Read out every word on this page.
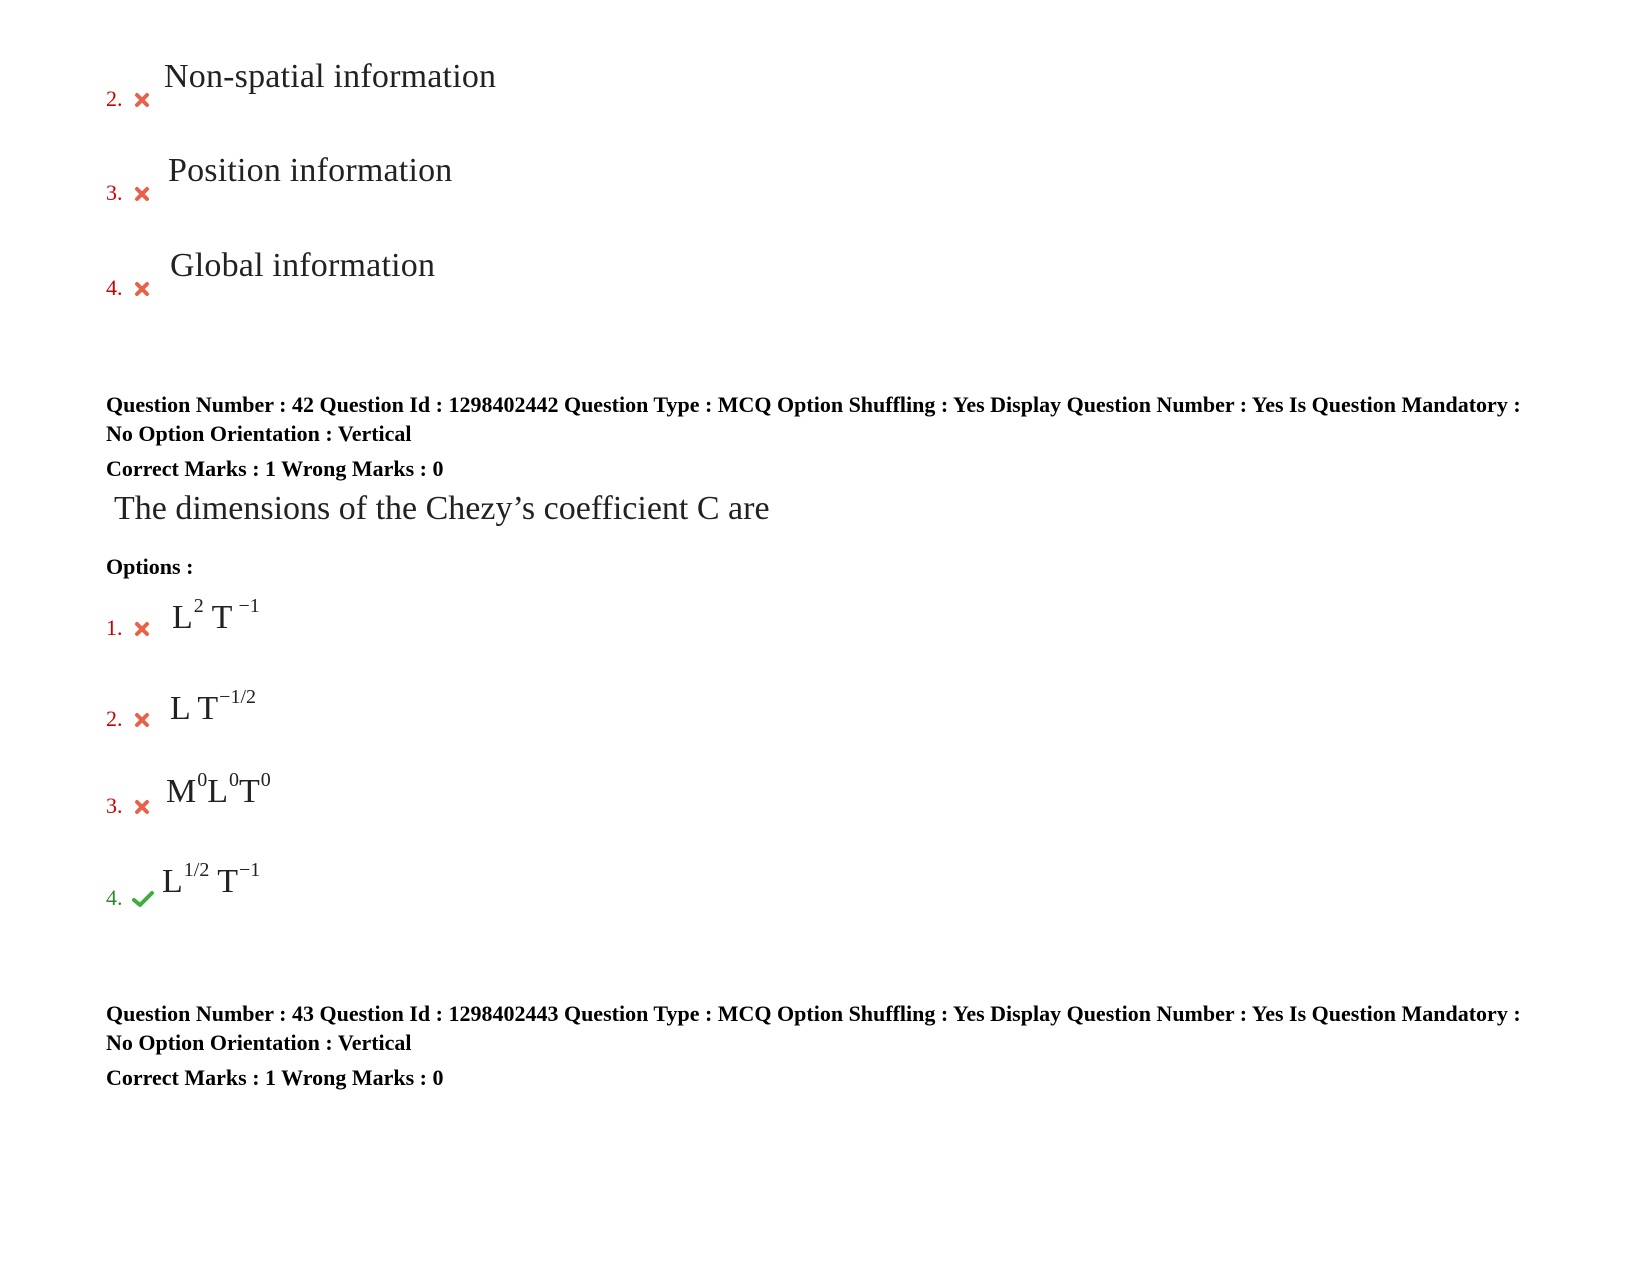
2.
Non-spatial information
3.
Position information
4.
Global information
Question Number : 42 Question Id : 1298402442 Question Type : MCQ Option Shuffling : Yes Display Question Number : Yes Is Question Mandatory : No Option Orientation : Vertical
Correct Marks : 1 Wrong Marks : 0
The dimensions of the Chezy’s coefficient C are
Options :
1. $L^2$ T $^{-1}$
2. L $T^{-1/2}$
3. $M^0L^0T^0$
4. $L^{1/2}$ $T^{-1}$
Question Number : 43 Question Id : 1298402443 Question Type : MCQ Option Shuffling : Yes Display Question Number : Yes Is Question Mandatory : No Option Orientation : Vertical
Correct Marks : 1 Wrong Marks : 0
